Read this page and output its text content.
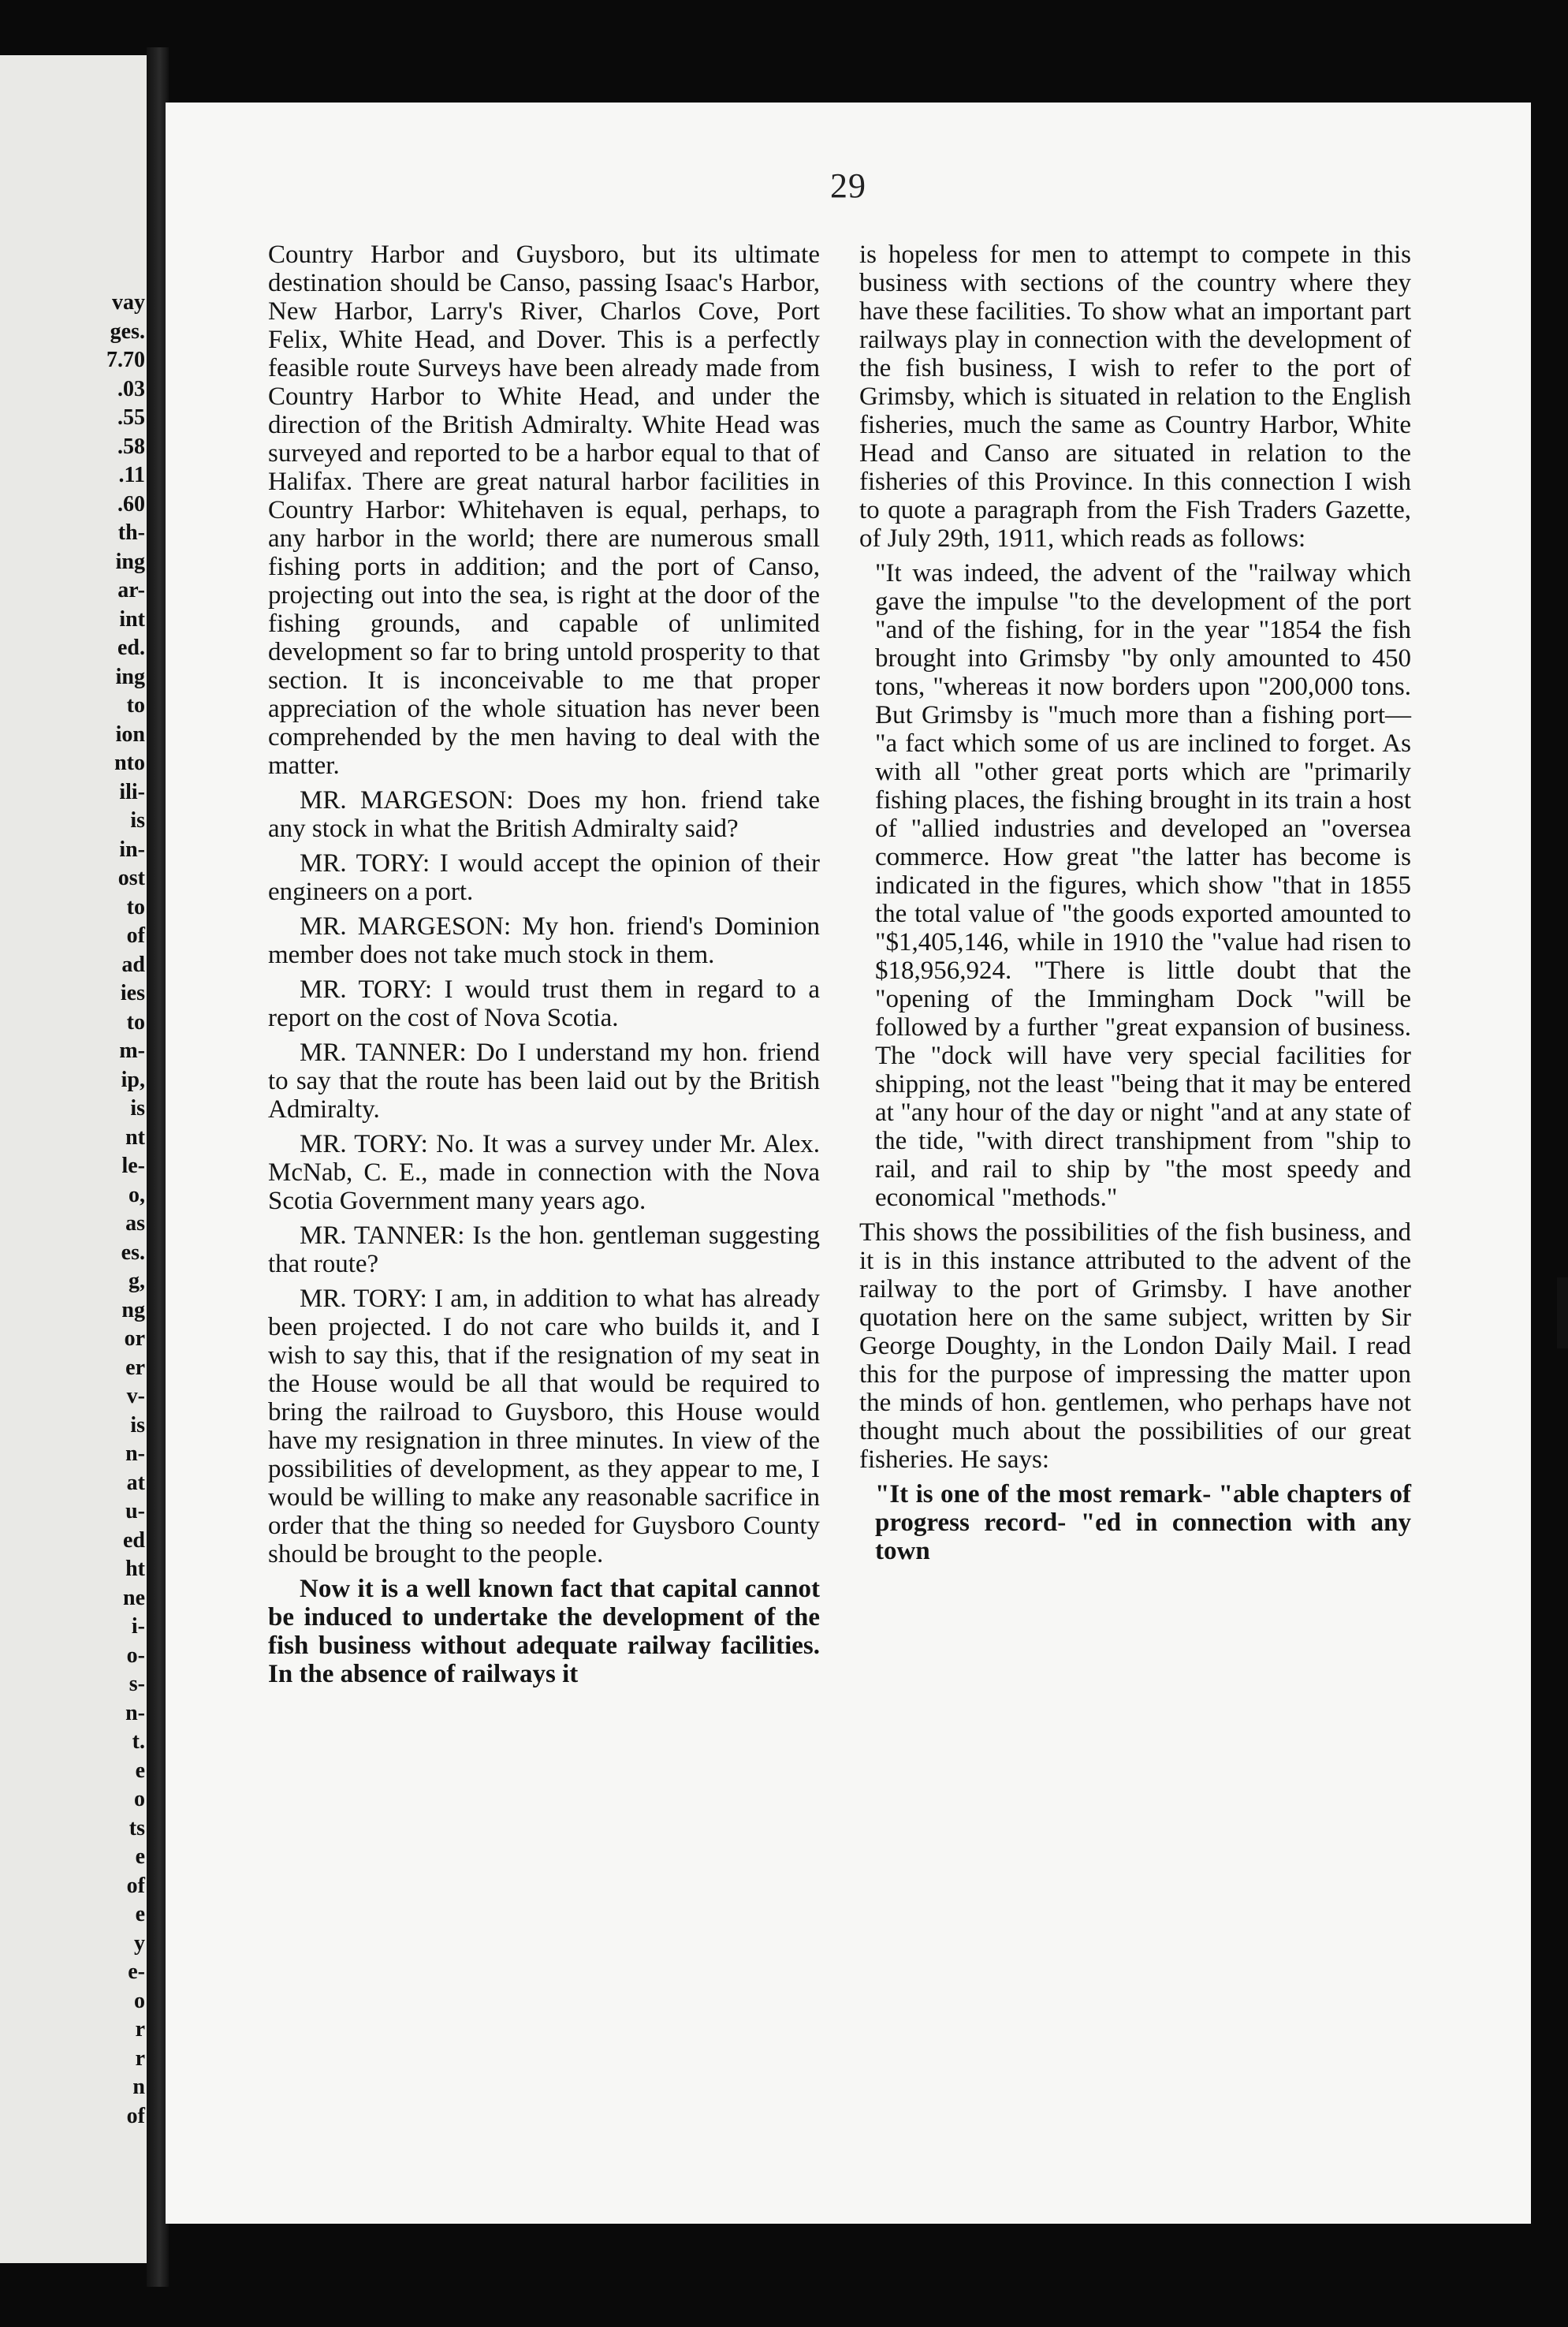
vay
ges.
7.70
.03
.55
.58
.11
.60
th-
ing
ar-
int
ed.
ing
to
ion
nto
ili-
is
in-
ost
to
of
ad
ies
to
m-
ip,
is
nt
le-
o,
as
es.
g,
ng
or
er
v-
is
n-
at
u-
ed
ht
ne
i-
o-
s-
n-
t.
e
o
ts
e
of
e
y
e-
o
r
r
n
of
29

Country Harbor and Guysboro, but its ultimate destination should be Canso, passing Isaac's Harbor, New Harbor, Larry's River, Charlos Cove, Port Felix, White Head, and Dover. This is a perfectly feasible route Surveys have been already made from Country Harbor to White Head, and under the direction of the British Admiralty. White Head was surveyed and reported to be a harbor equal to that of Halifax. There are great natural harbor facilities in Country Harbor: Whitehaven is equal, perhaps, to any harbor in the world; there are numerous small fishing ports in addition; and the port of Canso, projecting out into the sea, is right at the door of the fishing grounds, and capable of unlimited development so far to bring untold prosperity to that section. It is inconceivable to me that proper appreciation of the whole situation has never been comprehended by the men having to deal with the matter.

MR. MARGESON: Does my hon. friend take any stock in what the British Admiralty said?

MR. TORY: I would accept the opinion of their engineers on a port.

MR. MARGESON: My hon. friend's Dominion member does not take much stock in them.

MR. TORY: I would trust them in regard to a report on the cost of Nova Scotia.

MR. TANNER: Do I understand my hon. friend to say that the route has been laid out by the British Admiralty.

MR. TORY: No. It was a survey under Mr. Alex. McNab, C. E., made in connection with the Nova Scotia Government many years ago.

MR. TANNER: Is the hon. gentleman suggesting that route?

MR. TORY: I am, in addition to what has already been projected. I do not care who builds it, and I wish to say this, that if the resignation of my seat in the House would be all that would be required to bring the railroad to Guysboro, this House would have my resignation in three minutes. In view of the possibilities of development, as they appear to me, I would be willing to make any reasonable sacrifice in order that the thing so needed for Guysboro County should be brought to the people.

Now it is a well known fact that capital cannot be induced to undertake the development of the fish business without adequate railway facilities. In the absence of railways it

is hopeless for men to attempt to compete in this business with sections of the country where they have these facilities. To show what an important part railways play in connection with the development of the fish business, I wish to refer to the port of Grimsby, which is situated in relation to the English fisheries, much the same as Country Harbor, White Head and Canso are situated in relation to the fisheries of this Province. In this connection I wish to quote a paragraph from the Fish Traders Gazette, of July 29th, 1911, which reads as follows:

"It was indeed, the advent of the "railway which gave the impulse "to the development of the port "and of the fishing, for in the year "1854 the fish brought into Grimsby "by only amounted to 450 tons, "whereas it now borders upon "200,000 tons. But Grimsby is "much more than a fishing port— "a fact which some of us are inclined to forget. As with all "other great ports which are "primarily fishing places, the fishing brought in its train a host of "allied industries and developed an "oversea commerce. How great "the latter has become is indicated in the figures, which show "that in 1855 the total value of "the goods exported amounted to "$1,405,146, while in 1910 the "value had risen to $18,956,924. "There is little doubt that the "opening of the Immingham Dock "will be followed by a further "great expansion of business. The "dock will have very special facilities for shipping, not the least "being that it may be entered at "any hour of the day or night "and at any state of the tide, "with direct transhipment from "ship to rail, and rail to ship by "the most speedy and economical "methods."

This shows the possibilities of the fish business, and it is in this instance attributed to the advent of the railway to the port of Grimsby. I have another quotation here on the same subject, written by Sir George Doughty, in the London Daily Mail. I read this for the purpose of impressing the matter upon the minds of hon. gentlemen, who perhaps have not thought much about the possibilities of our great fisheries. He says:

"It is one of the most remark- "able chapters of progress record- "ed in connection with any town
